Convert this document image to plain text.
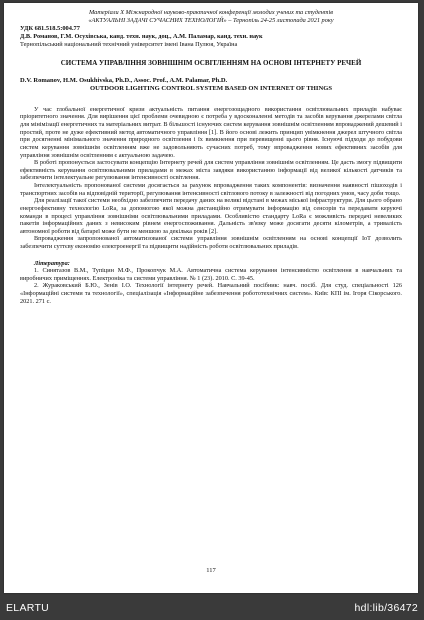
Матеріали Х Міжнародної науково-практичної конференції молодих учених та студентів
«АКТУАЛЬНІ ЗАДАЧІ СУЧАСНИХ ТЕХНОЛОГІЙ» – Тернопіль 24-25 листопада 2021 року
УДК 681.518.5:004.77
Д.В. Романов, Г.М. Осухівська, канд. техн. наук, доц., А.М. Паламар, канд. техн. наук
Тернопільський національний технічний університет імені Івана Пулюя, Україна
СИСТЕМА УПРАВЛІННЯ ЗОВНІШНІМ ОСВІТЛЕННЯМ НА ОСНОВІ ІНТЕРНЕТУ РЕЧЕЙ
D.V. Romanov, H.M. Osukhivska, Ph.D., Assoc. Prof., A.M. Palamar, Ph.D.
OUTDOOR LIGHTING CONTROL SYSTEM BASED ON INTERNET OF THINGS

У час глобальної енергетичної кризи актуальність питання енергозощадного використання освітлювальних приладів набуває пріоритетного значення. Для вирішення цієї проблеми очевидною є потреба у вдосконаленні методів та засобів керування джерелами світла для мінімізації енергетичних та матеріальних витрат. В більшості існуючих систем керування зовнішнім освітленням впроваджений дешевий і простий, проте не дуже ефективний метод автоматичного управління [1]. В його основі лежить принцип увімкнення джерел штучного світла при досягненні мінімального значення природного освітлення і їх вимкнення при перевищенні цього рівня. Існуючі підходи до побудови систем керування зовнішнім освітленням вже не задовольняють сучасних потреб, тому впровадження нових ефективних засобів для управління зовнішнім освітленням є актуальною задачею.

В роботі пропонується застосувати концепцію Інтернету речей для систем управління зовнішнім освітленням. Це дасть змогу підвищити ефективність керування освітлювальними приладами в межах міста завдяки використанню інформації від великої кількості датчиків та забезпечити інтелектуальне регулювання інтенсивності освітлення.

Інтелектуальність пропонованої системи досягається за рахунок впровадження таких компонентів: визначення наявності пішоходів і транспортних засобів на відповідній території, регулювання інтенсивності світлового потоку в залежності від погодних умов, часу доби тощо.

Для реалізації такої системи необхідно забезпечити передачу даних на великі відстані в межах міської інфраструктури. Для цього обрано енергоефективну технологію LoRa, за допомогою якої можна дистанційно отримувати інформацію від сенсорів та передавати керуючі команди в процесі управління зовнішніми освітлювальними приладами. Особливістю стандарту LoRa є можливість передачі невеликих пакетів інформаційних даних з невисоким рівнем енергоспоживання. Дальність зв'язку може досягати десяти кілометрів, а тривалість автономної роботи від батареї може бути не меншою за декілька років [2].

Впровадження запропонованої автоматизованої системи управління зовнішнім освітленням на основі концепції IoT дозволить забезпечити суттєву економію електроенергії та підвищити надійність роботи освітлювальних приладів.

Література:

1. Синятазов В.М., Тупіцин М.Ф., Прокопчук М.А. Автоматична система керування інтенсивністю освітлення в навчальних та виробничих приміщеннях. Електроніка та системи управління. № 1 (23). 2010. С. 39-45.

2. Жураковський Б.Ю., Зенів І.О. Технології інтернету речей. Навчальний посібник: навч. посіб. Для студ. спеціальності 126 «Інформаційні системи та технології», спеціалізація «Інформаційне забезпечення робототехнічних систем». Київ: КПІ ім. Ігоря Сікорського. 2021. 271 с.

117
ELARTU	hdl:lib/36472
